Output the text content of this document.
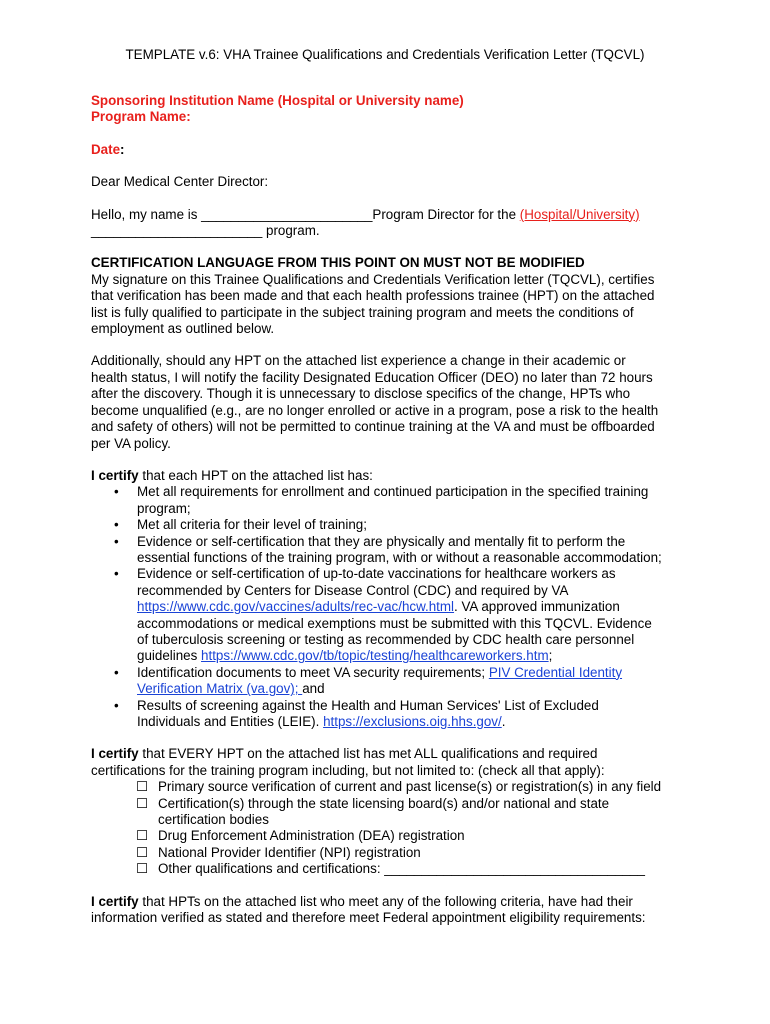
TEMPLATE v.6: VHA Trainee Qualifications and Credentials Verification Letter (TQCVL)
Sponsoring Institution Name (Hospital or University name)
Program Name:
Date:
Dear Medical Center Director:
Hello, my name is _______________________Program Director for the (Hospital/University)
_______________________ program.
CERTIFICATION LANGUAGE FROM THIS POINT ON MUST NOT BE MODIFIED
My signature on this Trainee Qualifications and Credentials Verification letter (TQCVL), certifies
that verification has been made and that each health professions trainee (HPT) on the attached
list is fully qualified to participate in the subject training program and meets the conditions of
employment as outlined below.
Additionally, should any HPT on the attached list experience a change in their academic or
health status, I will notify the facility Designated Education Officer (DEO) no later than 72 hours
after the discovery. Though it is unnecessary to disclose specifics of the change, HPTs who
become unqualified (e.g., are no longer enrolled or active in a program, pose a risk to the health
and safety of others) will not be permitted to continue training at the VA and must be offboarded
per VA policy.
I certify that each HPT on the attached list has:
• Met all requirements for enrollment and continued participation in the specified training
program;
• Met all criteria for their level of training;
• Evidence or self-certification that they are physically and mentally fit to perform the
essential functions of the training program, with or without a reasonable accommodation;
• Evidence or self-certification of up-to-date vaccinations for healthcare workers as
recommended by Centers for Disease Control (CDC) and required by VA
https://www.cdc.gov/vaccines/adults/rec-vac/hcw.html. VA approved immunization
accommodations or medical exemptions must be submitted with this TQCVL. Evidence
of tuberculosis screening or testing as recommended by CDC health care personnel
guidelines https://www.cdc.gov/tb/topic/testing/healthcareworkers.htm;
• Identification documents to meet VA security requirements; PIV Credential Identity
Verification Matrix (va.gov); and
• Results of screening against the Health and Human Services' List of Excluded
Individuals and Entities (LEIE). https://exclusions.oig.hhs.gov/.
I certify that EVERY HPT on the attached list has met ALL qualifications and required
certifications for the training program including, but not limited to: (check all that apply):
☐ Primary source verification of current and past license(s) or registration(s) in any field
☐ Certification(s) through the state licensing board(s) and/or national and state
certification bodies
☐ Drug Enforcement Administration (DEA) registration
☐ National Provider Identifier (NPI) registration
☐ Other qualifications and certifications: ___________________________________
I certify that HPTs on the attached list who meet any of the following criteria, have had their
information verified as stated and therefore meet Federal appointment eligibility requirements:
